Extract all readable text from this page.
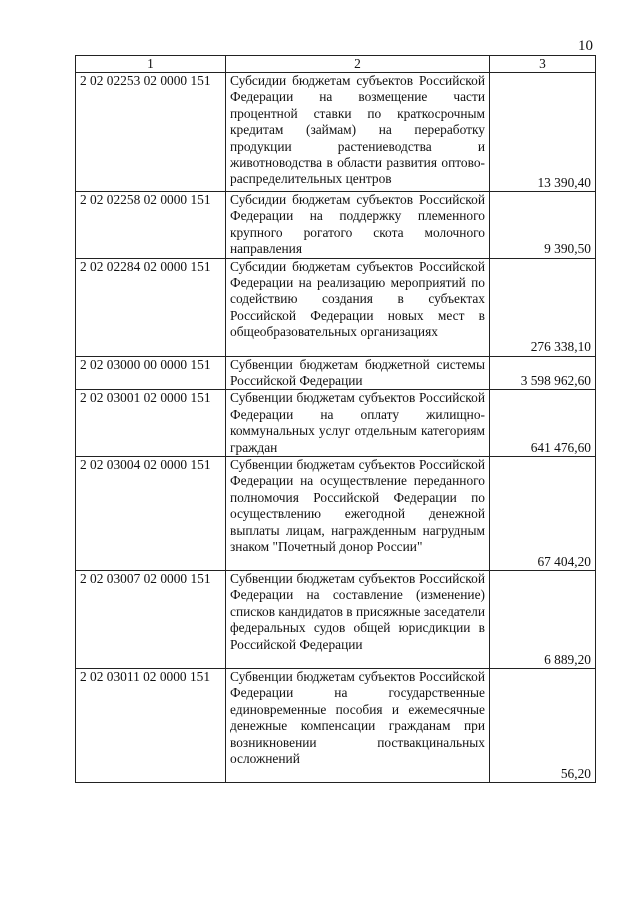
10
1	2	3
2 02 02253 02 0000 151	Субсидии бюджетам субъектов Российской Федерации на возмещение части процентной ставки по краткосрочным кредитам (займам) на переработку продукции растениеводства и животноводства в области развития оптово-распределительных центров	13 390,40
2 02 02258 02 0000 151	Субсидии бюджетам субъектов Российской Федерации на поддержку племенного крупного рогатого скота молочного направления	9 390,50
2 02 02284 02 0000 151	Субсидии бюджетам субъектов Российской Федерации на реализацию мероприятий по содействию создания в субъектах Российской Федерации новых мест в общеобразовательных организациях	276 338,10
2 02 03000 00 0000 151	Субвенции бюджетам бюджетной системы Российской Федерации	3 598 962,60
2 02 03001 02 0000 151	Субвенции бюджетам субъектов Российской Федерации на оплату жилищно-коммунальных услуг отдельным категориям граждан	641 476,60
2 02 03004 02 0000 151	Субвенции бюджетам субъектов Российской Федерации на осуществление переданного полномочия Российской Федерации по осуществлению ежегодной денежной выплаты лицам, награжденным нагрудным знаком "Почетный донор России"	67 404,20
2 02 03007 02 0000 151	Субвенции бюджетам субъектов Российской Федерации на составление (изменение) списков кандидатов в присяжные заседатели федеральных судов общей юрисдикции в Российской Федерации	6 889,20
2 02 03011 02 0000 151	Субвенции бюджетам субъектов Российской Федерации на государственные единовременные пособия и ежемесячные денежные компенсации гражданам при возникновении поствакцинальных осложнений	56,20
